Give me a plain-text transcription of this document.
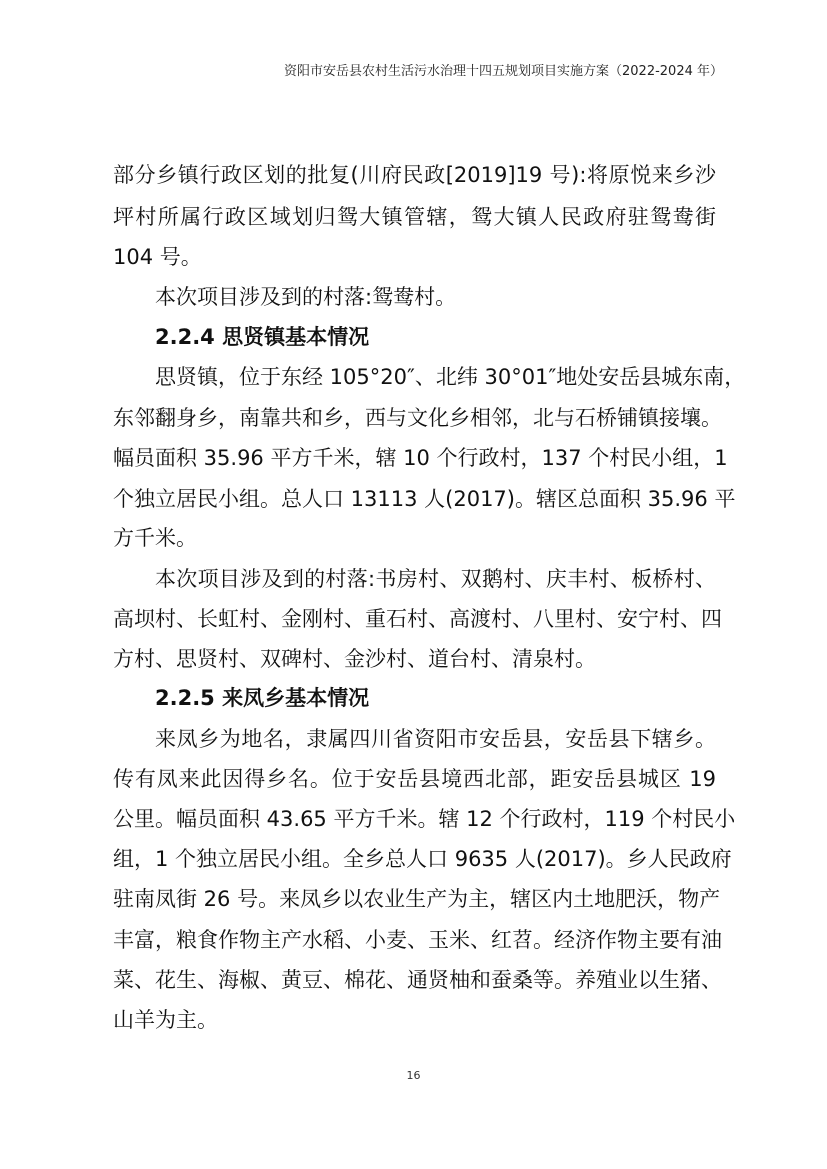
资阳市安岳县农村生活污水治理十四五规划项目实施方案（2022-2024 年）
部分乡镇行政区划的批复(川府民政[2019]19 号):将原悦来乡沙
坪村所属行政区域划归鸳大镇管辖，鸳大镇人民政府驻鸳鸯街
104 号。
本次项目涉及到的村落:鸳鸯村。
2.2.4 思贤镇基本情况
思贤镇，位于东经 105°20″、北纬 30°01″地处安岳县城东南，
东邻翻身乡，南靠共和乡，西与文化乡相邻，北与石桥铺镇接壤。
幅员面积 35.96 平方千米，辖 10 个行政村，137 个村民小组，1
个独立居民小组。总人口 13113 人(2017)。辖区总面积 35.96 平
方千米。
本次项目涉及到的村落:书房村、双鹅村、庆丰村、板桥村、
高坝村、长虹村、金刚村、重石村、高渡村、八里村、安宁村、四
方村、思贤村、双碑村、金沙村、道台村、清泉村。
2.2.5 来凤乡基本情况
来凤乡为地名，隶属四川省资阳市安岳县，安岳县下辖乡。
传有凤来此因得乡名。位于安岳县境西北部，距安岳县城区 19
公里。幅员面积 43.65 平方千米。辖 12 个行政村，119 个村民小
组，1 个独立居民小组。全乡总人口 9635 人(2017)。乡人民政府
驻南凤街 26 号。来凤乡以农业生产为主，辖区内土地肥沃，物产
丰富，粮食作物主产水稻、小麦、玉米、红苕。经济作物主要有油
菜、花生、海椒、黄豆、棉花、通贤柚和蚕桑等。养殖业以生猪、
山羊为主。
16
